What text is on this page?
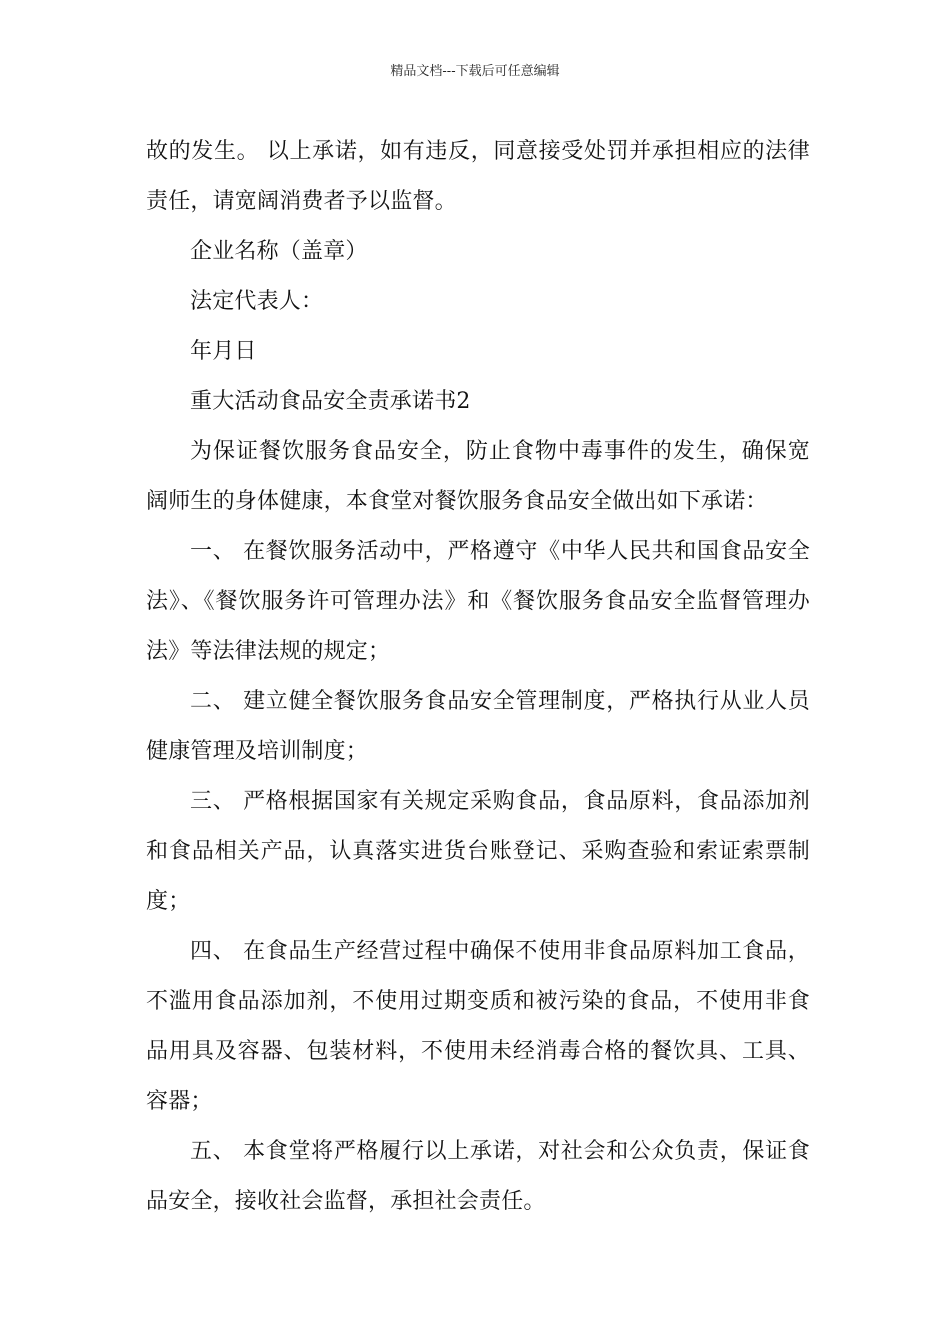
精品文档---下载后可任意编辑

故的发生。 以上承诺，如有违反，同意接受处罚并承担相应的法律责任，请宽阔消费者予以监督。

企业名称（盖章）

法定代表人：

年月日

重大活动食品安全责承诺书2

为保证餐饮服务食品安全，防止食物中毒事件的发生，确保宽阔师生的身体健康，本食堂对餐饮服务食品安全做出如下承诺：

一、 在餐饮服务活动中，严格遵守《中华人民共和国食品安全法》、《餐饮服务许可管理办法》和《餐饮服务食品安全监督管理办法》等法律法规的规定；

二、 建立健全餐饮服务食品安全管理制度，严格执行从业人员健康管理及培训制度；

三、 严格根据国家有关规定采购食品，食品原料，食品添加剂和食品相关产品，认真落实进货台账登记、采购查验和索证索票制度；

四、 在食品生产经营过程中确保不使用非食品原料加工食品，不滥用食品添加剂，不使用过期变质和被污染的食品，不使用非食品用具及容器、包装材料，不使用未经消毒合格的餐饮具、工具、容器；

五、 本食堂将严格履行以上承诺，对社会和公众负责，保证食品安全，接收社会监督，承担社会责任。
